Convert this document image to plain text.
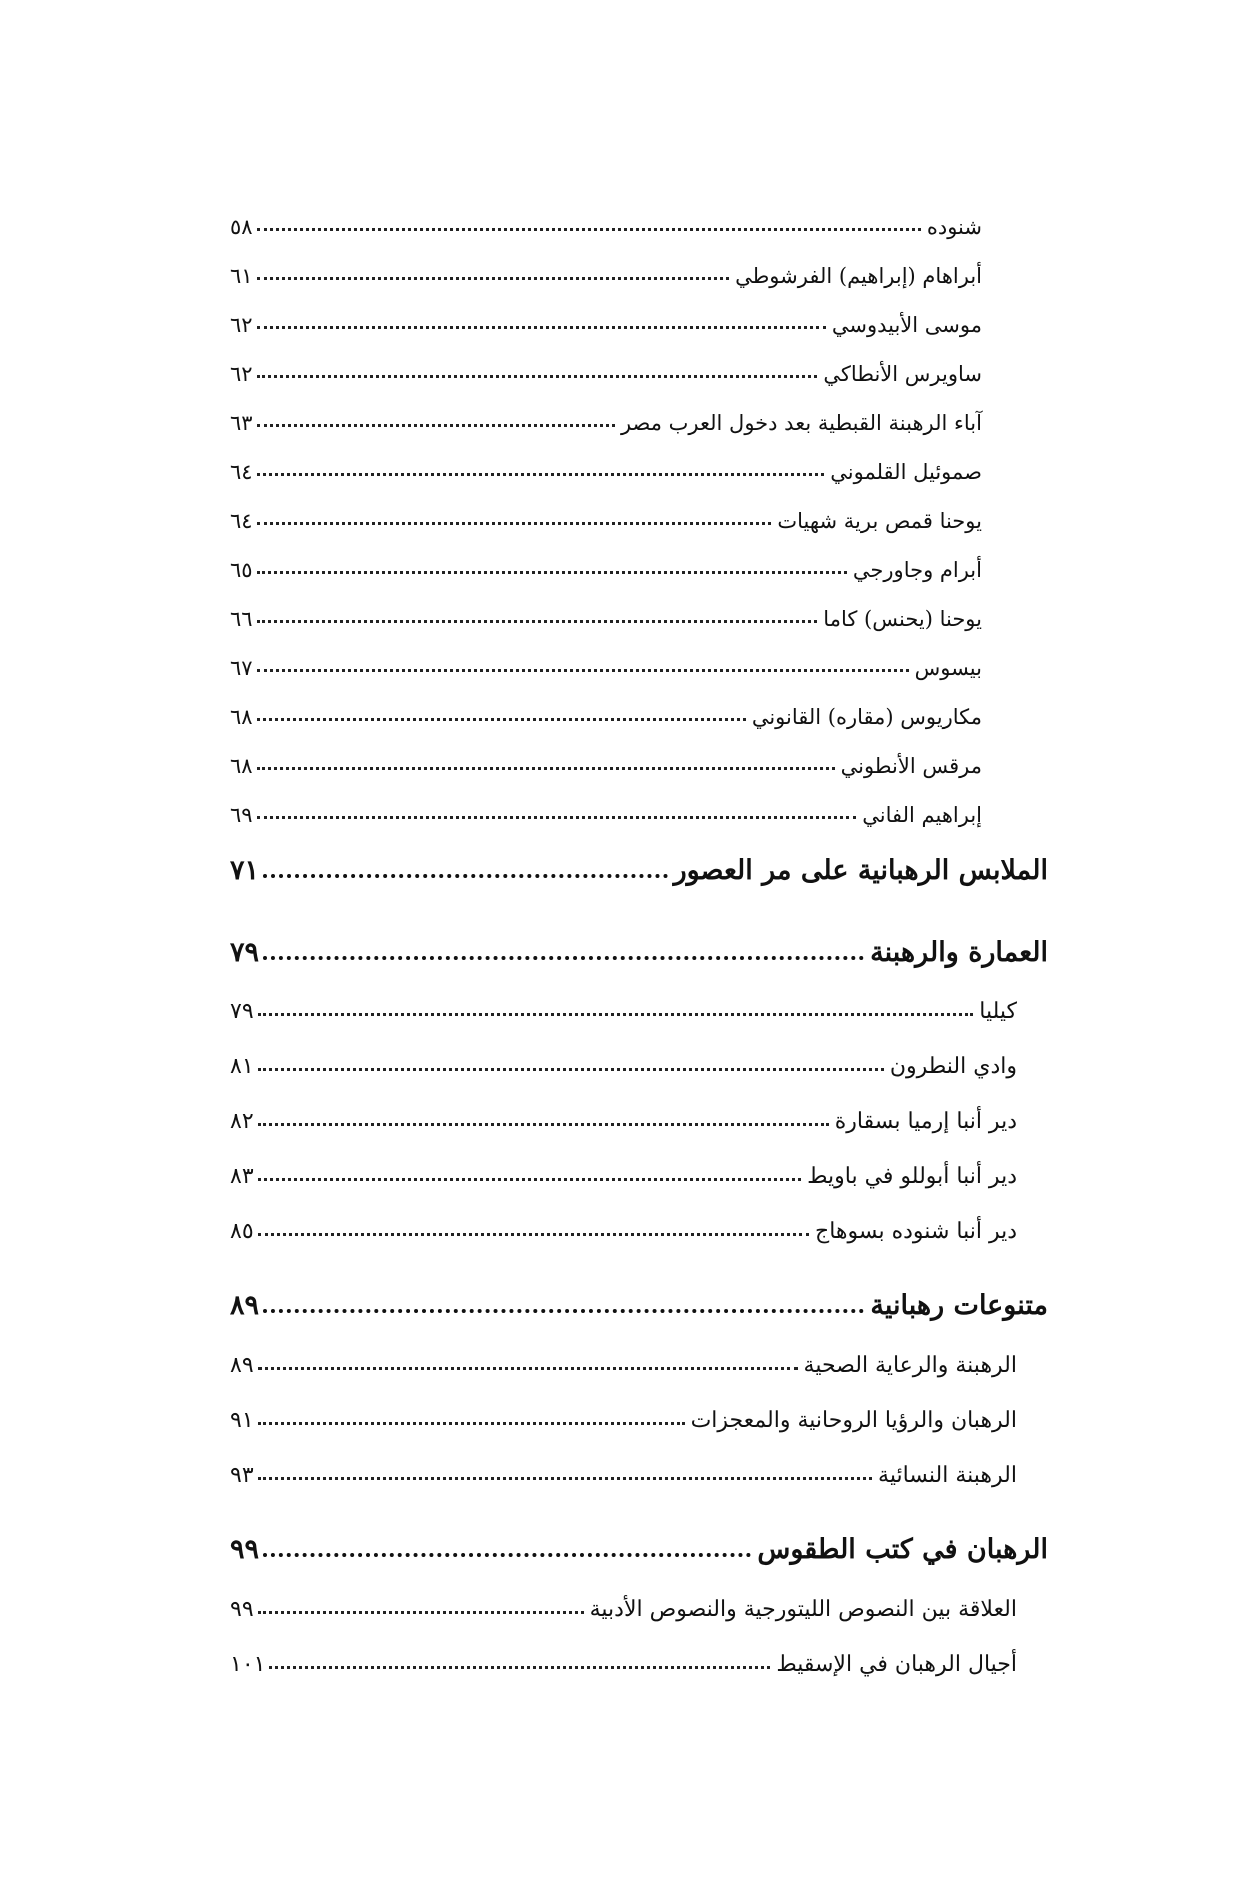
شنوده
٥٨
أبراهام (إبراهيم) الفرشوطي
٦١
موسى الأبيدوسي
٦٢
ساويرس الأنطاكي
٦٢
آباء الرهبنة القبطية بعد دخول العرب مصر
٦٣
صموئيل القلموني
٦٤
يوحنا قمص برية شهيات
٦٤
أبرام وجاورجي
٦٥
يوحنا (يحنس) كاما
٦٦
بيسوس
٦٧
مكاريوس (مقاره) القانوني
٦٨
مرقس الأنطوني
٦٨
إبراهيم الفاني
٦٩
الملابس الرهبانية على مر العصور
٧١
العمارة والرهبنة
٧٩
كيليا
٧٩
وادي النطرون
٨١
دير أنبا إرميا بسقارة
٨٢
دير أنبا أبوللو في باويط
٨٣
دير أنبا شنوده بسوهاج
٨٥
متنوعات رهبانية
٨٩
الرهبنة والرعاية الصحية
٨٩
الرهبان والرؤيا الروحانية والمعجزات
٩١
الرهبنة النسائية
٩٣
الرهبان في كتب الطقوس
٩٩
العلاقة بين النصوص الليتورجية والنصوص الأدبية
٩٩
أجيال الرهبان في الإسقيط
١٠١
